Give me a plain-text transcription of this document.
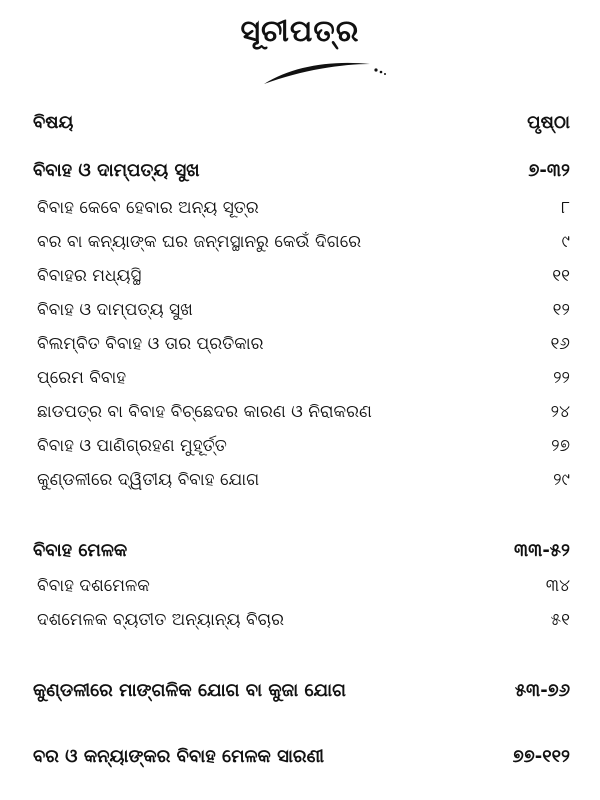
ସୂଚୀପତ୍ର
ବିଷୟ	ପୃଷ୍ଠା
ବିବାହ ଓ ଦାମ୍ପତ୍ୟ ସୁଖ	୭-୩୨
ବିବାହ କେବେ ହେବାର ଅନ୍ୟ ସୂତ୍ର	୮
ବର ବା କନ୍ୟାଙ୍କ ଘର ଜନ୍ମସ୍ଥାନରୁ କେଉଁ ଦିଗରେ	୯
ବିବାହର ମଧ୍ୟସ୍ଥି	୧୧
ବିବାହ ଓ ଦାମ୍ପତ୍ୟ ସୁଖ	୧୨
ବିଲମ୍ବିତ ବିବାହ ଓ ତାର ପ୍ରତିକାର	୧୬
ପ୍ରେମ ବିବାହ	୨୨
ଛାଡପତ୍ର ବା ବିବାହ ବିଚ୍ଛେଦର କାରଣ ଓ ନିରାକରଣ	୨୪
ବିବାହ ଓ ପାଣିଗ୍ରହଣ ମୁହୂର୍ତ୍ତ	୨୭
କୁଣ୍ଡଳୀରେ ଦ୍ୱିତୀୟ ବିବାହ ଯୋଗ	୨୯
ବିବାହ ମେଳକ	୩୩-୫୨
ବିବାହ ଦଶମେଳକ	୩୪
ଦଶମେଳକ ବ୍ୟତୀତ ଅନ୍ୟାନ୍ୟ ବିଚାର	୫୧
କୁଣ୍ଡଳୀରେ ମାଙ୍ଗଳିକ ଯୋଗ ବା କୁଜା ଯୋଗ	୫୩-୭୬
ବର ଓ କନ୍ୟାଙ୍କର ବିବାହ ମେଳକ ସାରଣୀ	୭୭-୧୧୨
